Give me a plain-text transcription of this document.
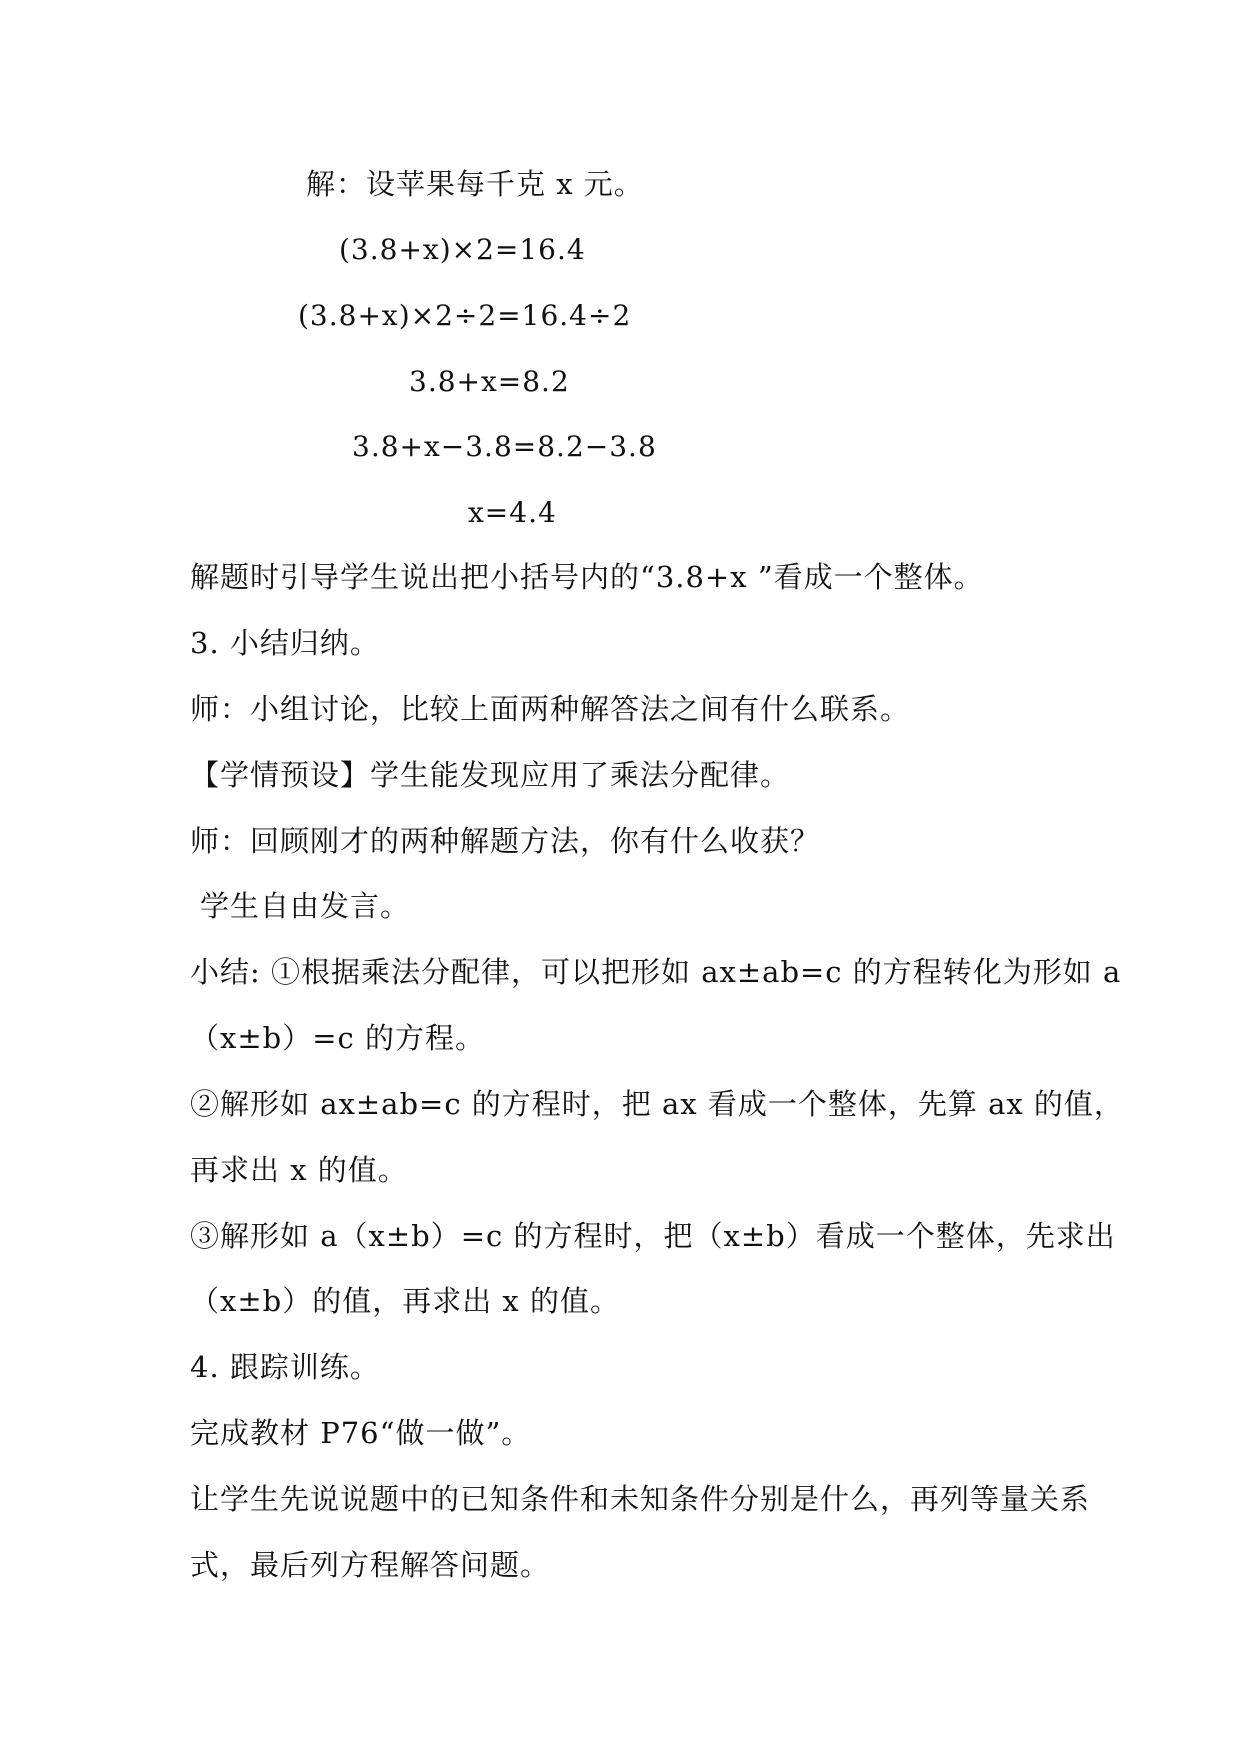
解：设苹果每千克 x 元。
(3.8+x)×2=16.4
(3.8+x)×2÷2=16.4÷2
3.8+x=8.2
3.8+x−3.8=8.2−3.8
x=4.4
解题时引导学生说出把小括号内的“3.8+x ”看成一个整体。
3. 小结归纳。
师：小组讨论，比较上面两种解答法之间有什么联系。
【学情预设】学生能发现应用了乘法分配律。
师：回顾刚才的两种解题方法，你有什么收获？
学生自由发言。
小结: ①根据乘法分配律，可以把形如 ax±ab=c 的方程转化为形如 a
（x±b）=c 的方程。
②解形如 ax±ab=c 的方程时，把 ax 看成一个整体，先算 ax 的值，
再求出 x 的值。
③解形如 a（x±b）=c 的方程时，把（x±b）看成一个整体，先求出
（x±b）的值，再求出 x 的值。
4. 跟踪训练。
完成教材 P76“做一做”。
让学生先说说题中的已知条件和未知条件分别是什么，再列等量关系
式，最后列方程解答问题。
